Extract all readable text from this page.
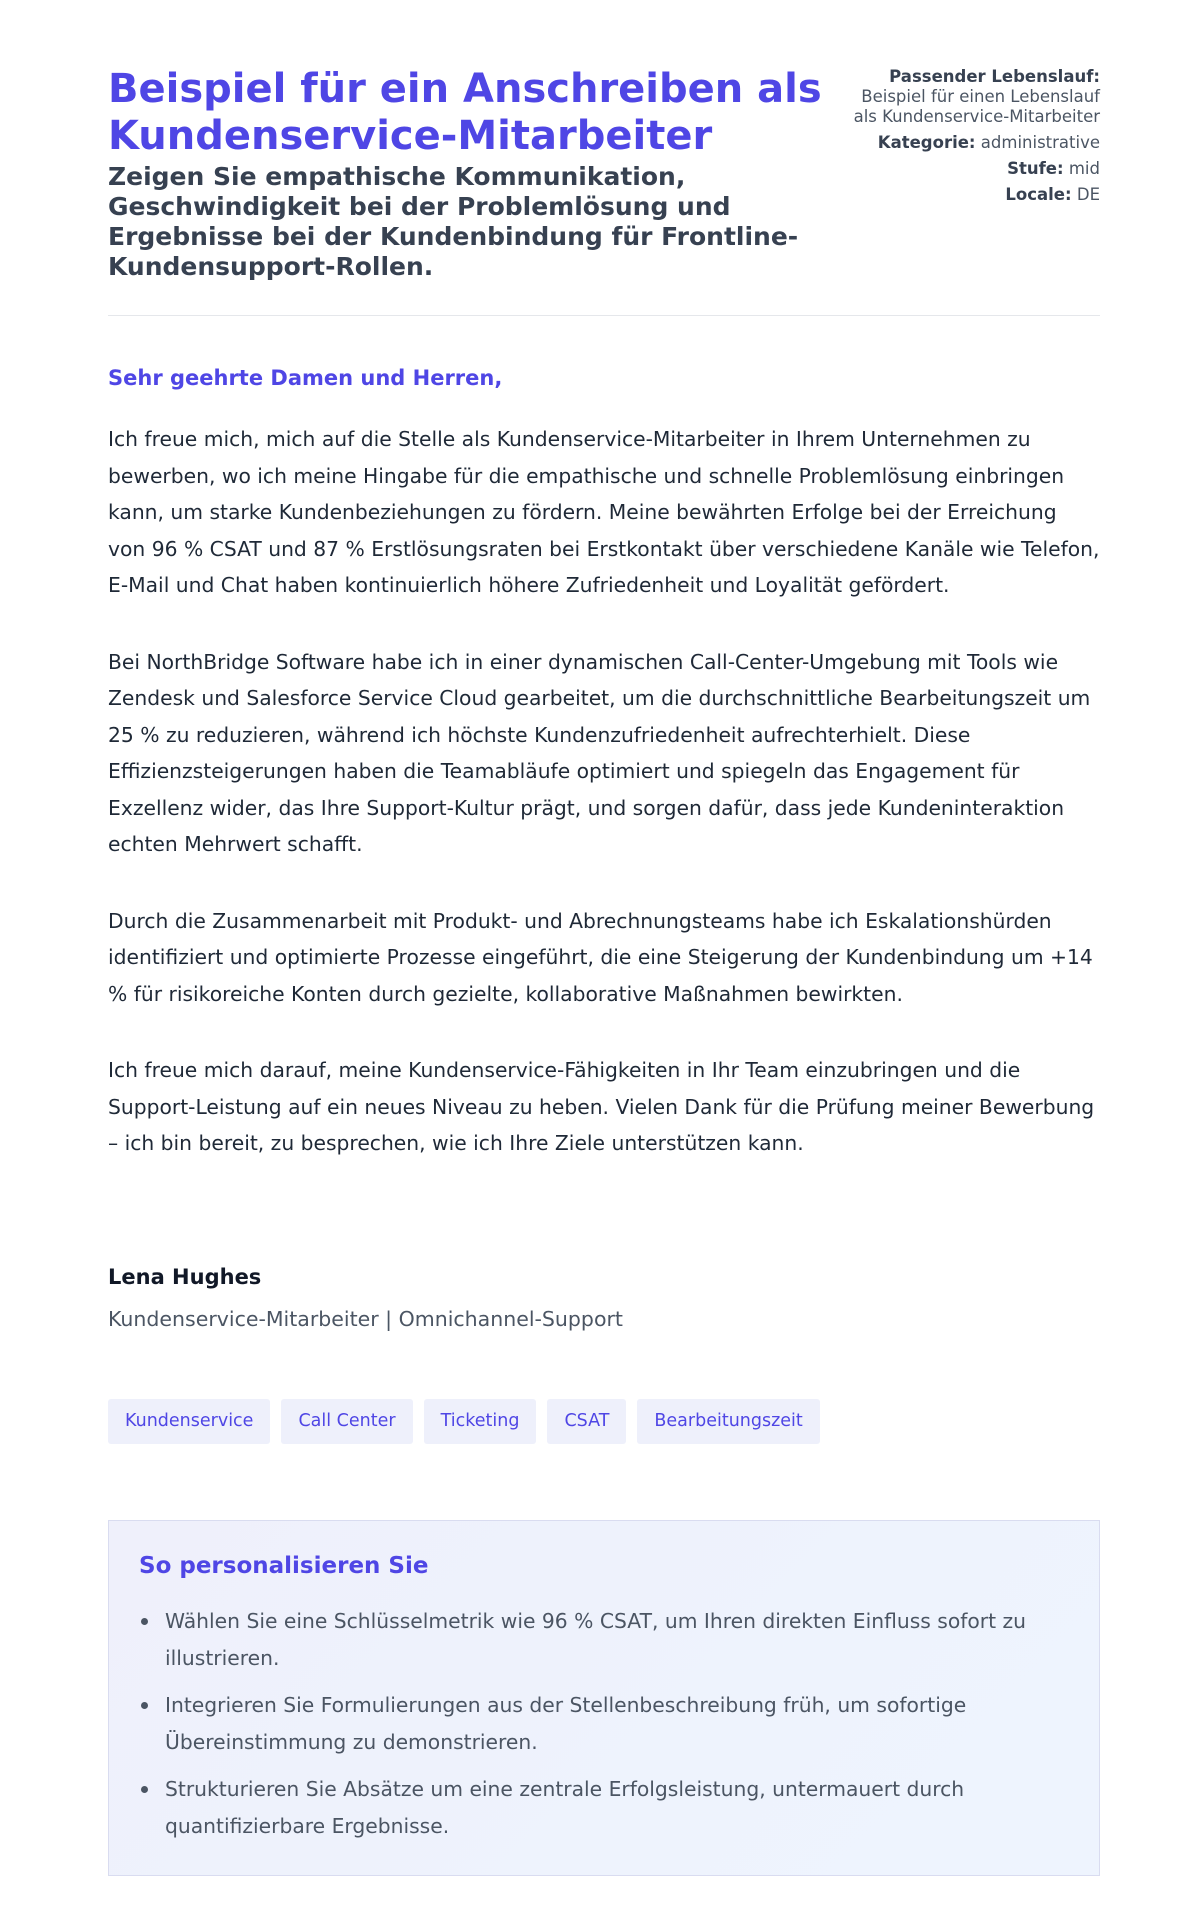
Beispiel für ein Anschreiben als Kundenservice-Mitarbeiter

Zeigen Sie empathische Kommunikation, Geschwindigkeit bei der Problemlösung und Ergebnisse bei der Kundenbindung für Frontline-Kundensupport-Rollen.

Passender Lebenslauf:
Beispiel für einen Lebenslauf als Kundenservice-Mitarbeiter
Kategorie: administrative
Stufe: mid
Locale: DE

Sehr geehrte Damen und Herren,

Ich freue mich, mich auf die Stelle als Kundenservice-Mitarbeiter in Ihrem Unternehmen zu bewerben, wo ich meine Hingabe für die empathische und schnelle Problemlösung einbringen kann, um starke Kundenbeziehungen zu fördern. Meine bewährten Erfolge bei der Erreichung von 96 % CSAT und 87 % Erstlösungsraten bei Erstkontakt über verschiedene Kanäle wie Telefon, E-Mail und Chat haben kontinuierlich höhere Zufriedenheit und Loyalität gefördert.

Bei NorthBridge Software habe ich in einer dynamischen Call-Center-Umgebung mit Tools wie Zendesk und Salesforce Service Cloud gearbeitet, um die durchschnittliche Bearbeitungszeit um 25 % zu reduzieren, während ich höchste Kundenzufriedenheit aufrechterhielt. Diese Effizienzsteigerungen haben die Teamabläufe optimiert und spiegeln das Engagement für Exzellenz wider, das Ihre Support-Kultur prägt, und sorgen dafür, dass jede Kundeninteraktion echten Mehrwert schafft.

Durch die Zusammenarbeit mit Produkt- und Abrechnungsteams habe ich Eskalationshürden identifiziert und optimierte Prozesse eingeführt, die eine Steigerung der Kundenbindung um +14 % für risikoreiche Konten durch gezielte, kollaborative Maßnahmen bewirkten.

Ich freue mich darauf, meine Kundenservice-Fähigkeiten in Ihr Team einzubringen und die Support-Leistung auf ein neues Niveau zu heben. Vielen Dank für die Prüfung meiner Bewerbung – ich bin bereit, zu besprechen, wie ich Ihre Ziele unterstützen kann.

Lena Hughes

Kundenservice-Mitarbeiter | Omnichannel-Support

Kundenservice	Call Center	Ticketing	CSAT	Bearbeitungszeit
So personalisieren Sie
Wählen Sie eine Schlüsselmetrik wie 96 % CSAT, um Ihren direkten Einfluss sofort zu illustrieren.
Integrieren Sie Formulierungen aus der Stellenbeschreibung früh, um sofortige Übereinstimmung zu demonstrieren.
Strukturieren Sie Absätze um eine zentrale Erfolgsleistung, untermauert durch quantifizierbare Ergebnisse.
